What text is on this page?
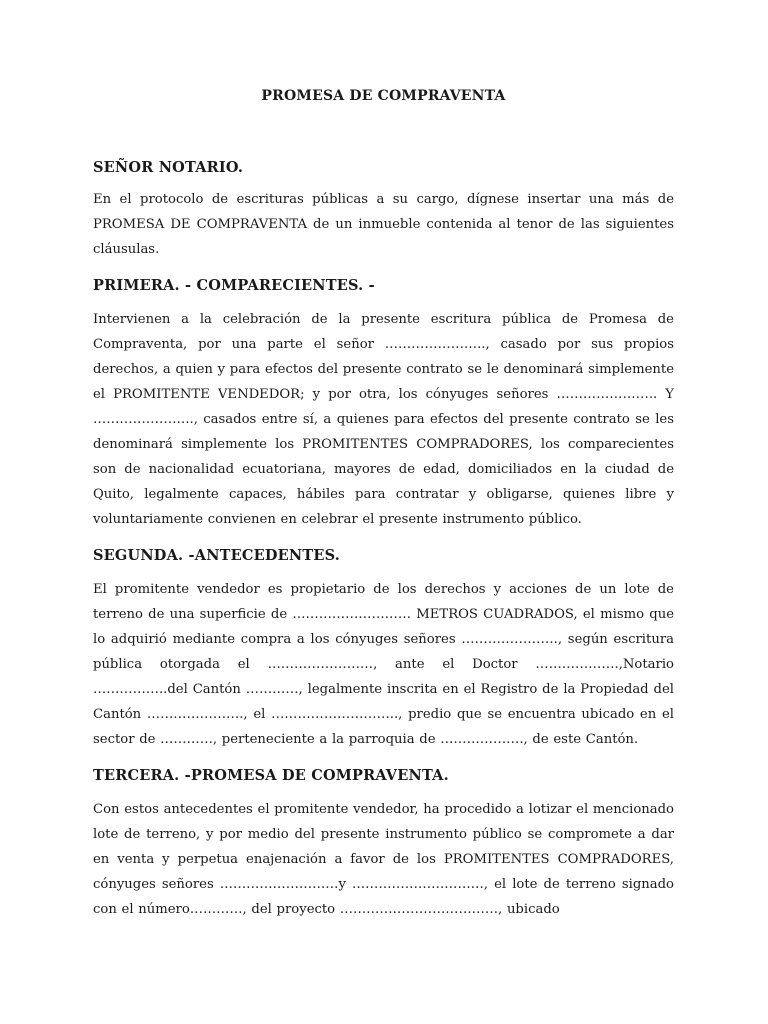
PROMESA DE COMPRAVENTA
SEÑOR NOTARIO.

En el protocolo de escrituras públicas a su cargo, dígnese insertar una más de PROMESA DE COMPRAVENTA de un inmueble contenida al tenor de las siguientes cláusulas.

PRIMERA. - COMPARECIENTES. -

Intervienen a la celebración de la presente escritura pública de Promesa de Compraventa, por una parte el señor ………………….., casado por sus propios derechos, a quien y para efectos del presente contrato se le denominará simplemente el PROMITENTE VENDEDOR; y por otra, los cónyuges señores ………………….. Y ………………….., casados entre sí, a quienes para efectos del presente contrato se les denominará simplemente los PROMITENTES COMPRADORES, los comparecientes son de nacionalidad ecuatoriana, mayores de edad, domiciliados en la ciudad de Quito, legalmente capaces, hábiles para contratar y obligarse, quienes libre y voluntariamente convienen en celebrar el presente instrumento público.

SEGUNDA. -ANTECEDENTES.

El promitente vendedor es propietario de los derechos y acciones de un lote de terreno de una superficie de ……………………… METROS CUADRADOS, el mismo que lo adquirió mediante compra a los cónyuges señores …………………., según escritura pública otorgada el ……………………, ante el Doctor ……………….,Notario ……………..del Cantón …………, legalmente inscrita en el Registro de la Propiedad del Cantón …………………., el ……………………….., predio que se encuentra ubicado en el sector de …………, perteneciente a la parroquia de ………………., de este Cantón.

TERCERA. -PROMESA DE COMPRAVENTA.

Con estos antecedentes el promitente vendedor, ha procedido a lotizar el mencionado lote de terreno, y por medio del presente instrumento público se compromete a dar en venta y perpetua enajenación a favor de los PROMITENTES COMPRADORES, cónyuges señores ………………………y …………………………, el lote de terreno signado con el número…………, del proyecto ………………………………, ubicado
